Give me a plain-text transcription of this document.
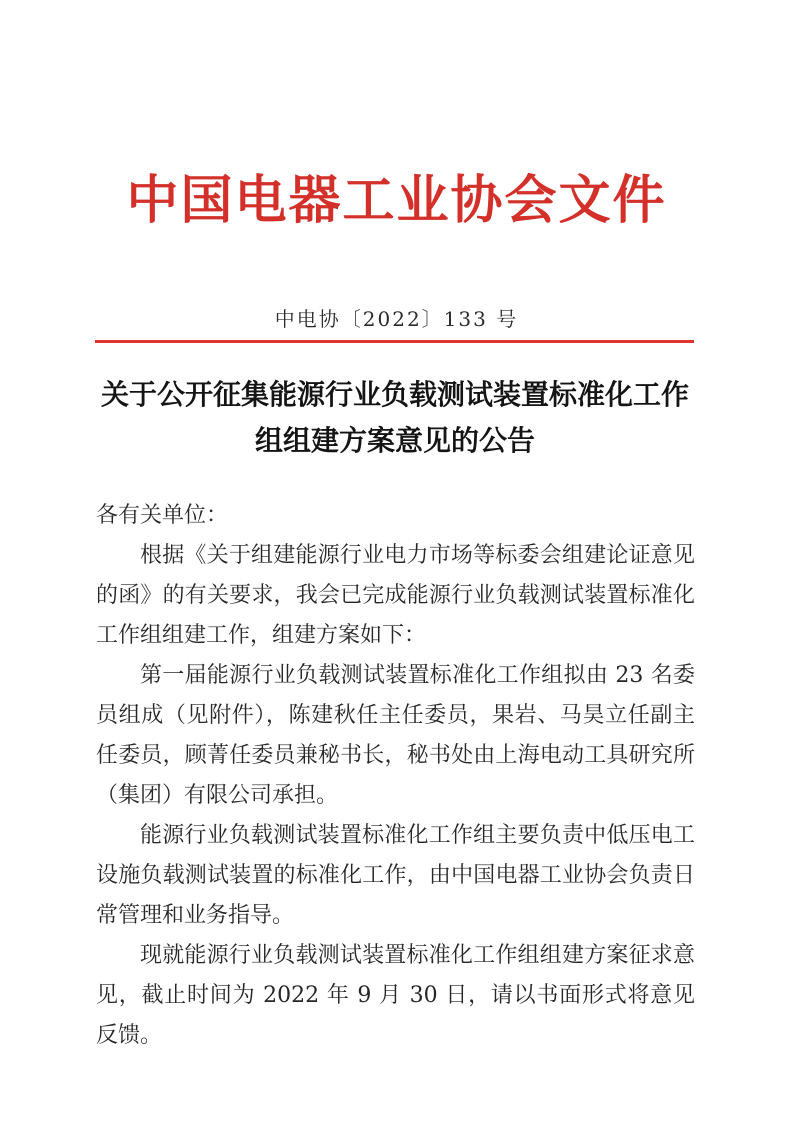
中国电器工业协会文件
中电协〔2022〕133 号
关于公开征集能源行业负载测试装置标准化工作组组建方案意见的公告

各有关单位：

根据《关于组建能源行业电力市场等标委会组建论证意见的函》的有关要求，我会已完成能源行业负载测试装置标准化工作组组建工作，组建方案如下：

第一届能源行业负载测试装置标准化工作组拟由 23 名委员组成（见附件），陈建秋任主任委员，果岩、马昊立任副主任委员，顾菁任委员兼秘书长，秘书处由上海电动工具研究所（集团）有限公司承担。

能源行业负载测试装置标准化工作组主要负责中低压电工设施负载测试装置的标准化工作，由中国电器工业协会负责日常管理和业务指导。

现就能源行业负载测试装置标准化工作组组建方案征求意见，截止时间为 2022 年 9 月 30 日，请以书面形式将意见反馈。
